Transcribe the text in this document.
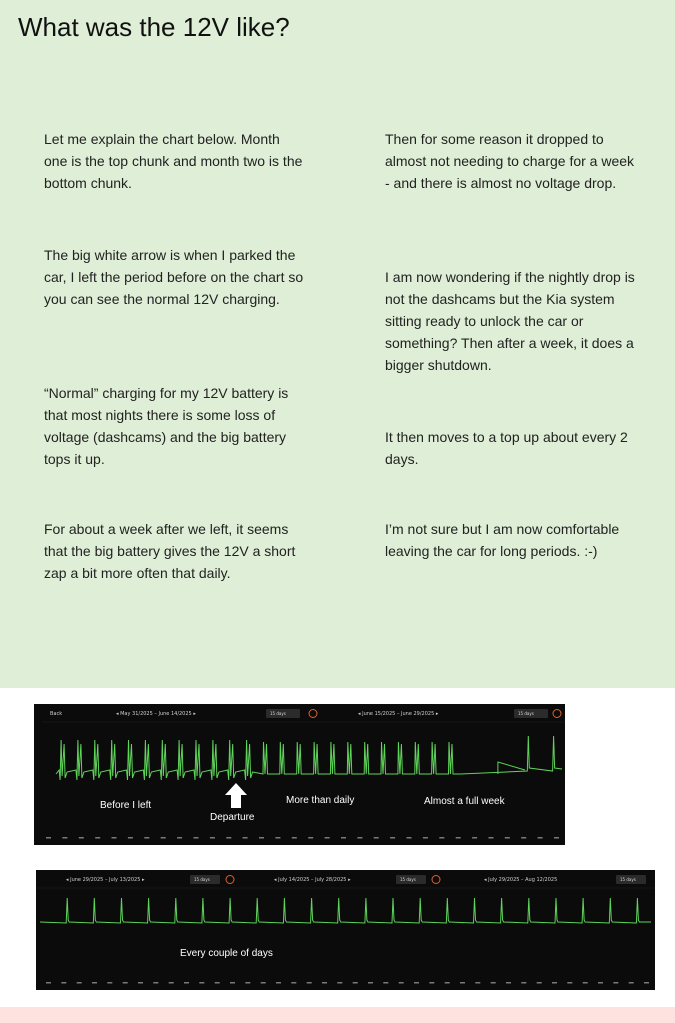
What was the 12V like?

Let me explain the chart below. Month one is the top chunk and month two is the bottom chunk.

The big white arrow is when I parked the car, I left the period before on the chart so you can see the normal 12V charging.

“Normal” charging for my 12V battery is that most nights there is some loss of voltage (dashcams) and the big battery tops it up.

For about a week after we left, it seems that the big battery gives the 12V a short zap a bit more often that daily.

Then for some reason it dropped to almost not needing to charge for a week - and there is almost no voltage drop.

I am now wondering if the nightly drop is not the dashcams but the Kia system sitting ready to unlock the car or something? Then after a week, it does a bigger shutdown.

It then moves to a top up about every 2 days.

I’m not sure but I am now comfortable leaving the car for long periods. :-)

Back	◂ May 31/2025 – June 14/2025 ▸	15 days	◂ June 15/2025 – June 29/2025 ▸	15 days
Before I left
Departure
More than daily	Almost a full week
◂ June 29/2025 – July 13/2025 ▸	15 days	◂ July 14/2025 – July 28/2025 ▸	15 days	◂ July 29/2025 – Aug 12/2025	15 days
Every couple of days
